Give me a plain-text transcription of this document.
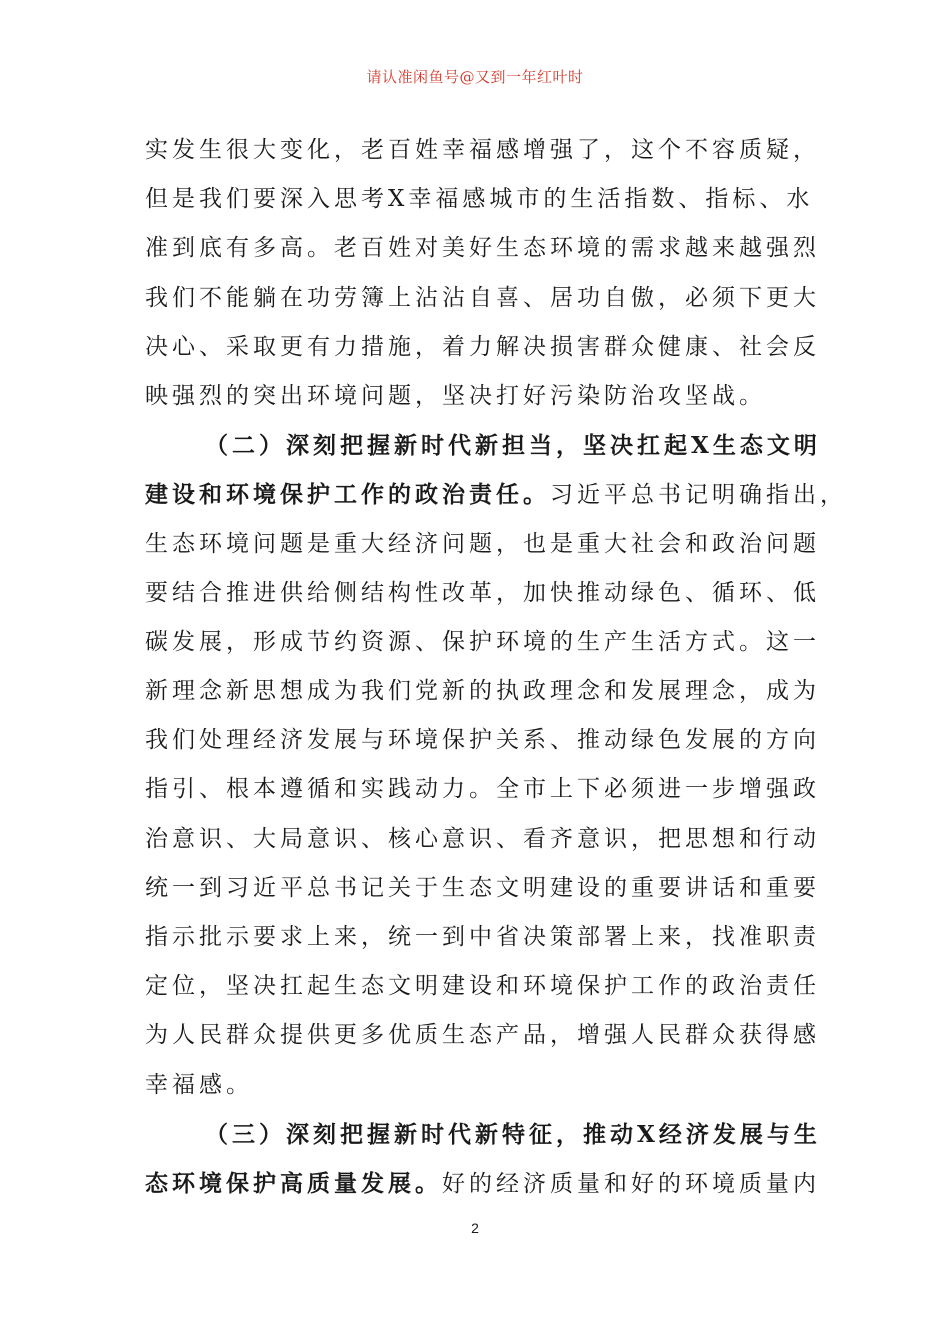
请认准闲鱼号@又到一年红叶时
实发生很大变化，老百姓幸福感增强了，这个不容质疑，
但是我们要深入思考X幸福感城市的生活指数、指标、水
准到底有多高。老百姓对美好生态环境的需求越来越强烈
我们不能躺在功劳簿上沾沾自喜、居功自傲，必须下更大
决心、采取更有力措施，着力解决损害群众健康、社会反
映强烈的突出环境问题，坚决打好污染防治攻坚战。
（二）深刻把握新时代新担当，坚决扛起X生态文明
建设和环境保护工作的政治责任。习近平总书记明确指出，
生态环境问题是重大经济问题，也是重大社会和政治问题
要结合推进供给侧结构性改革，加快推动绿色、循环、低
碳发展，形成节约资源、保护环境的生产生活方式。这一
新理念新思想成为我们党新的执政理念和发展理念，成为
我们处理经济发展与环境保护关系、推动绿色发展的方向
指引、根本遵循和实践动力。全市上下必须进一步增强政
治意识、大局意识、核心意识、看齐意识，把思想和行动
统一到习近平总书记关于生态文明建设的重要讲话和重要
指示批示要求上来，统一到中省决策部署上来，找准职责
定位，坚决扛起生态文明建设和环境保护工作的政治责任
为人民群众提供更多优质生态产品，增强人民群众获得感
幸福感。
（三）深刻把握新时代新特征，推动X经济发展与生
态环境保护高质量发展。好的经济质量和好的环境质量内
2
